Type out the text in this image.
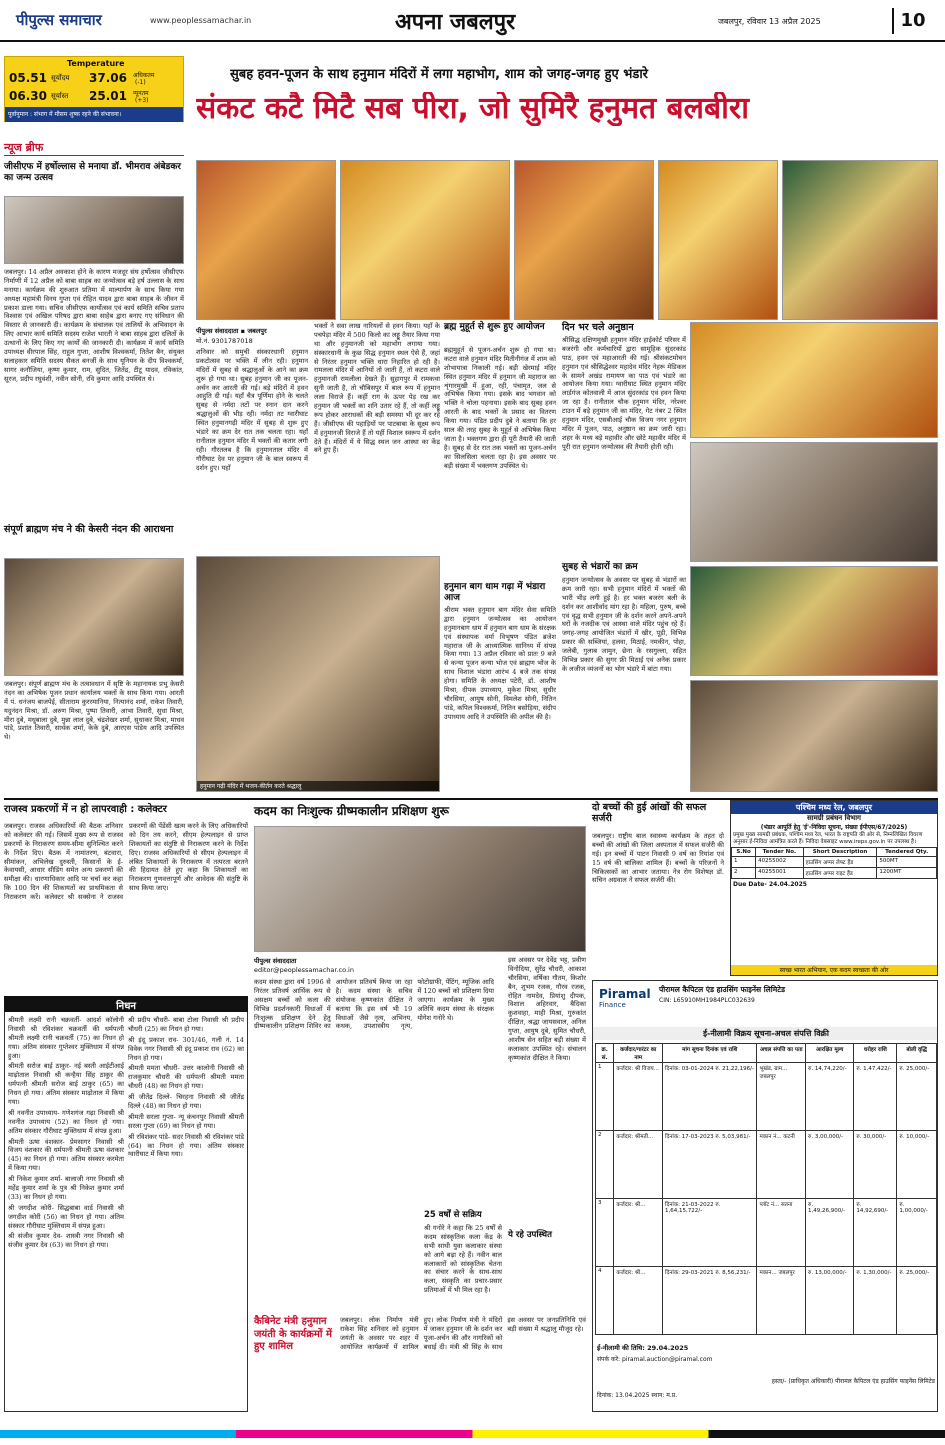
पीपुल्स समाचार	www.peoplessamachar.in	अपना जबलपुर	जबलपुर, रविवार 13 अप्रैल 2025	10
Temperature
05.51 सूर्योदय 37.06 अधिकतम
(-1)
06.30 सूर्यास्त 25.01 न्यूनतम
(+3)
पूर्वानुमान : संभाग में मौसम शुष्क रहने की संभावना।
सुबह हवन-पूजन के साथ हनुमान मंदिरों में लगा महाभोग, शाम को जगह-जगह हुए भंडारे
संकट कटै मिटै सब पीरा, जो सुमिरै हनुमत बलबीरा
न्यूज ब्रीफ
जीसीएफ में हर्षोल्लास से मनाया डॉ. भीमराव अंबेडकर का जन्म उत्सव
जबलपुर। 14 अप्रैल अवकाश होने के कारण मजदूर संघ हर्षोत्सव जीसीएफ निर्माणी में 12 अप्रैल को बाबा साहब का जन्मोत्सव बड़े हर्ष उल्लास के साथ मनाया। कार्यक्रम की शुरुआत प्रतिमा में माल्यार्पण के साथ किया गया अध्यक्ष महामंत्री विनय गुप्ता एवं रोहित यादव द्वारा बाबा साहब के जीवन में प्रकाश डाला गया। सचिव जीसीएफ कार्योत्सव एवं कार्य समिति सचिव प्रताप विश्वास एवं अखिल परिषद द्वारा बाबा साहेब द्वारा बनाए गए संविधान की विस्तार से जानकारी दी। कार्यक्रम के संचालक एवं तालियों के अभिवादन के लिए आभार कार्य समिति सदस्य राजेश भारती ने बाबा साहब द्वारा दलितों के उत्थानों के लिए किए गए कार्यों की जानकारी दी। कार्यक्रम में कार्य समिति उपाध्यक्ष वीरपाल सिंह, राहुल गुप्ता, आशीष विश्वकर्मा, तितेश बैन, संयुक्त सलाहकार समिति सदस्य सैकत बनर्जी के साथ यूनियन के दीप विश्वकर्मा, सागर कनौजिया, कृष्ण कुमार, राम, सुदित, जितेंद्र, टीटू यादव, रविकांत, सूरज, प्रदीप रघुवंशी, नवीन सोनी, रवि कुमार आदि उपस्थित थे।
संपूर्ण ब्राह्मण मंच ने की केसरी नंदन की आराधना
जबलपुर। संपूर्ण ब्राह्मण मंच के तत्वावधान में सृष्टि के महानायक प्रभु केसरी नंदन का अभिषेक पूजन प्रधान कार्यालय भक्तों के साथ किया गया। आरती में पं. धनंजय बाजपेई, सीताराम कुररमानिया, नित्यानंद शर्मा, राकेश तिवारी, यदुनंदन मिश्रा, डॉ. अरुण मिश्रा, पुष्पा तिवारी, आभा तिवारी, सुधा मिश्रा, मीरा दुबे, मधुबाला दुबे, मुन्ना लाल दुबे, चंद्रशेखर शर्मा, सुधाकर मिश्रा, माधव पांडे, प्रशांत तिवारी, सार्थक शर्मा, केके दुबे, आरएस पांडेय आदि उपस्थित थे।
पीपुल्स संवाददाता ▪ जबलपुर
मो.नं. 9301787018
शनिवार को समुची संस्कारधानी हनुमान प्रकटोत्सव पर भक्ति में लीन रही। हनुमान मंदिरों में सुबह से श्रद्धालुओं के आने का क्रम शुरू हो गया था। सुबह हनुमान जी का पूजन-अर्चन कर आरती की गई। बड़े मंदिरों में हवन आहुति दी गई। यहाँ चैत्र पूर्णिमा होने के चलते सुबह से नर्मदा तटों पर स्नान दान करने श्रद्धालुओं की भीड़ रही। नर्मदा तट ग्वारीघाट स्थित हनुमानगढ़ी मंदिर में सुबह से शुरू हुए भंडारे का क्रम देर रात तक चलता रहा। यहाँ रानीताल हनुमान मंदिर में भक्तों की कतार लगी रही। गौरतलब है कि हनुमानताल मंदिर में गौरीघाट देव पर हनुमान जी के बाल स्वरूप में दर्शन हुए। यहाँ
भक्तों ने सवा लाख नारियलों से हवन किया। यहाँ के पचपेड़ा मंदिर में 500 किलो का लड्डू तैयार किया गया था और हनुमानजी को महाभोग लगाया गया। संस्कारधानी के कुछ सिद्ध हनुमान स्थल ऐसे हैं, जहां से निरंतर हनुमान भक्ति धारा निहारित हो रही है। रामलला मंदिर में आनियों तो जाती हैं, तो कटरा वाले हनुमानजी रामलीला देखते हैं। सुहागपुर में रामकथा सुनी जाती है, तो चौबिसपुर में बाल रूप में हनुमान लला विराजे हैं। कहीं राग के ऊपर पेड़ रख कर हनुमान जी भक्तों का शनि उतार रहे हैं, तो कहीं लड्डू रूप होकर आराधकों की बड़ी समस्या भी दूर कर रहे हैं। जीसीएफ की पहाड़ियों पर पाटबाबा के सूक्ष्म रूप में हनुमानजी विराजे हैं तो यहीं विशाल स्वरूप में दर्शन देते हैं। मंदिरों में ये सिद्ध स्थल जन आस्था का केंद्र बने हुए हैं।
हनुमान गढ़ी मंदिर में भजन-कीर्तन करते श्रद्धालु
ब्रह्म मुहूर्त से शुरू हुए आयोजन
ब्रह्ममुहूर्त से पूजन-अर्चन शुरू हो गया था। कटरा वाले हनुमान मंदिर मितीनीगंज में शाम को शोभायात्रा निकाली गई। बड़ी खेरमाई मंदिर स्थित हनुमान मंदिर में हनुमान जी महाराज का शृंगारमुखी में हुआ, रही, पंचामृत, जल से अभिषेक किया गया। इसके बाद भगवान को भक्ति ने चोला पहनाया। इसके बाद सुबह हवन आरती के बाद भक्तों के प्रसाद का वितरण किया गया। पंडित प्रदीप दुबे ने बताया कि हर साल की तरह सुबह के मुहूर्त से अभिषेक किया जाता है। भक्तगण द्वारा ही पूरी तैयारी की जाती है। सुबह से देर रात तक भक्तों का पूजन-अर्चन का सिलसिला चलता रहा है। इस अवसर पर बड़ी संख्या में भक्तगण उपस्थित थे।
हनुमान बाग धाम गढ़ा में भंडारा आज
श्रीराम भक्त हनुमान बाग मंदिर सेवा समिति द्वारा हनुमान जन्मोत्सव का आयोजन हनुमानबाग धाम में हनुमान बाग धाम के संरक्षक एवं संस्थापक वर्मा विभूषण पंडित ब्रजेश महाराज जी के आध्यात्मिक सानिध्य में संपन्न किया गया। 13 अप्रैल रविवार को प्रातः 9 बजे से कन्या पूजन कन्या भोज एवं ब्राह्मण भोज के साथ विशाल भंडारा आरंभ 4 बजे तक संपन्न होगा। समिति के अध्यक्ष पटेरी, डॉ. आशीष मिश्रा, दीपक उपाध्याय, मुकेश मिश्रा, सुधीर चौरसिया, आयुष सोनी, विमलेश सोनी, नितिन पांडे, कपिल विश्वकर्मा, नितिन बसोड़िया, संदीप उपाध्याय आदि ने उपस्थिति की अपील की है।
दिन भर चले अनुष्ठान
श्रीसिद्ध दक्षिणमुखी हनुमान मंदिर हाईकोर्ट परिसर में बजरंगी और कर्मचारियों द्वारा सामूहिक सुंदरकांड पाठ, हवन एवं महाआरती की गई। श्रीसंकटमोचन हनुमान एवं श्रीसिद्धेश्वर महादेव मंदिर नेहरू मेडिकल के सामने अखंड रामायण का पाठ एवं भंडारे का आयोजन किया गया। ग्वारीघाट स्थित हनुमान मंदिर लार्डगंज कोतवाली में आज सुंदरकांड एवं हवन किया जा रहा है। रानीताल चौक हनुमान मंदिर, नरेश्वर टाउन में बड़े हनुमान जी का मंदिर, गेट नंबर 2 स्थित हनुमान मंदिर, एसबीआई चौक विजय नगर हनुमान मंदिर में पूजन, पाठ, अनुष्ठान का क्रम जारी रहा। शहर के मध्य बड़े महावीर और छोटे महावीर मंदिर में पूरी रात हनुमान जन्मोत्सव की तैयारी होती रही।
सुबह से भंडारों का क्रम
हनुमान जन्मोत्सव के अवसर पर सुबह से भंडारों का क्रम जारी रहा। सभी हनुमान मंदिरों में भक्तों की भारी भीड़ लगी हुई है। हर भक्त बजरंग बली के दर्शन कर आशीर्वाद मांग रहा है। महिला, पुरुष, बच्चे एवं वृद्ध सभी हनुमान जी के दर्शन करने अपने-अपने घरों के नजदीक एवं आस्था वाले मंदिर पहुंच रहे हैं। जगह-जगह आयोजित भंडारों में खीर, पूड़ी, विभिन्न प्रकार की सब्जियां, हलवा, मिठाई, नमकीन, पोहा, जलेबी, गुलाब जामुन, छेना के रसगुल्ला, सहित विभिन्न प्रकार की सुगर फ्री मिठाई एवं अनेक प्रकार के लजीज व्यंजनों का भोग भंडारे में बांटा गया।
राजस्व प्रकरणों में न हो लापरवाही : कलेक्टर
जबलपुर। राजस्व अधिकारियों की बैठक शनिवार को कलेक्टर की गई। जिसमें मुख्य रूप से राजस्व प्रकरणों के निराकरण समय-सीमा सुनिश्चित करने के निर्देश दिए। बैठक में नामांतरण, बंटवारा, सीमांकन, अभिलेख दुरुस्ती, किसानों के ई-केवायसी, आधार सीडिंग समेत अन्य प्रकरणों की समीक्षा की। धारणाधिकार आदि पर चर्चा कर कहा कि 100 दिन की शिकायतों का प्राथमिकता से निराकरण करें। कलेक्टर श्री सक्सेना ने राजस्व प्रकरणों की पेंडेंसी खत्म करने के लिए अधिकारियों को दिन तय करने, सीएम हेल्पलाइन से प्राप्त शिकायतों का संतुष्टि से निराकरण करने के निर्देश दिए। राजस्व अधिकारियों से सीएम हेल्पलाइन में लंबित शिकायतों के निराकरण में तत्परता बरतने की हिदायत देते हुए कहा कि शिकायतों का निराकरण गुणवत्तापूर्ण और आवेदक की संतुष्टि के साथ किया जाए।
निधन

श्रीमती लक्ष्मी रानी चक्रवर्ती- आदर्श कॉलोनी निवासी श्री रविशंकर चक्रवर्ती की धर्मपत्नी श्रीमती लक्ष्मी रानी चक्रवर्ती (75) का निधन हो गया। अंतिम संस्कार गुप्तेश्वर मुक्तिधाम में संपन्न हुआ।

श्रीमती सरोज बाई ठाकुर- नई बस्ती आईटीआई माढ़ोताल निवासी श्री कन्हैया सिंह ठाकुर की धर्मपत्नी श्रीमती सरोज बाई ठाकुर (65) का निधन हो गया। अंतिम संस्कार माढ़ोताल में किया गया।

श्री नवनीत उपाध्याय- गणेशगंज गढ़ा निवासी श्री नवनीत उपाध्याय (52) का निधन हो गया। अंतिम संस्कार गौरीघाट मुक्तिधाम में संपन्न हुआ।

श्रीमती ऊषा वंशकार- प्रेमसागर निवासी श्री विजय वंशकार की धर्मपत्नी श्रीमती ऊषा वंशकार (45) का निधन हो गया। अंतिम संस्कार करमेता में किया गया।

श्री निकेश कुमार शर्मा- बालाजी नगर निवासी श्री महेंद्र कुमार शर्मा के पुत्र श्री निकेश कुमार शर्मा (33) का निधन हो गया।

श्री जगदीश कोरी- सिद्धबाबा वार्ड निवासी श्री जगदीश कोरी (56) का निधन हो गया। अंतिम संस्कार गौरीघाट मुक्तिधाम में संपन्न हुआ।

श्री संजीव कुमार देव- शास्त्री नगर निवासी श्री संजीव कुमार देव (63) का निधन हो गया।

श्री प्रदीप चौधरी- बाबा टोला निवासी श्री प्रदीप चौधरी (25) का निधन हो गया।

श्री इंदू प्रकाश राव- 301/46, गली नं. 14 विवेक नगर निवासी श्री इंदू प्रकाश राव (62) का निधन हो गया।

श्रीमती ममता चौधरी- उत्तर कालोनी निवासी श्री राजकुमार चौधरी की धर्मपत्नी श्रीमती ममता चौधरी (48) का निधन हो गया।

श्री जीतेंद्र दिल्ले- चिरहना निवासी श्री जीतेंद्र दिल्ले (48) का निधन हो गया।

श्रीमती सरला गुप्ता- न्यू कंचनपुर निवासी श्रीमती सरला गुप्ता (69) का निधन हो गया।

श्री रविशंकर पांडे- सदर निवासी श्री रविशंकर पांडे (64) का निधन हो गया। अंतिम संस्कार ग्वारीघाट में किया गया।

कदम का निःशुल्क ग्रीष्मकालीन प्रशिक्षण शुरू
पीपुल्स संवाददाता
editor@peoplessamachar.co.in
कदम संस्था द्वारा वर्ष 1996 से निरंतर प्रतिवर्ष आर्थिक रूप से असक्षम बच्चों को कला की विभिन्न प्रदर्शनकारी विधाओं में निःशुल्क प्रशिक्षण देने हेतु ग्रीष्मकालीन प्रशिक्षण शिविर का आयोजन प्रतिवर्ष किया जा रहा है। कदम संस्था के सचिव संयोजक कृष्णकांत दीक्षित ने बताया कि इस वर्ष भी 19 विधाओं जैसे नृत्य, अभिनय, कथक, उपशास्त्रीय नृत्य, फोटोग्राफी, पेंटिंग, म्यूजिक आदि में 120 बच्चों को प्रशिक्षण दिया जाएगा। कार्यक्रम के मुख्य अतिथि कदम संस्था के संरक्षक योगेश गनोरे थे।
25 वर्षों से सक्रिय
श्री गनोरे ने कहा कि 25 वर्षों से कदम सांस्कृतिक कला केंद्र के सभी साथी युवा कलाकार संस्था को आगे बढ़ा रहे हैं। नवीन बाल कलाकारों को सांस्कृतिक चेतना का संचार करने के साथ-साथ कला, संस्कृति का प्रचार-प्रसार प्रतिमाओं में भी मिल रहा है।
इस अवसर पर देवेंद्र भट्ट, प्रवीण विनोदिया, सुरेंद्र चौधरी, आकाश चौरसिया, वर्षिका गौतम, किशोर बैन, शुभम रजक, गौरव रजक, रोहित नामदेव, प्रियांशु दीपक, विशाल अहिरवार, बैदिका कुशवाहा, माही मिश्रा, गुरुकांत दीक्षित, श्रद्धा जायसवाल, अनिल गुप्ता, आयुष दुबे, सुमित चौधरी, आशीष सेन सहित बड़ी संख्या में कलाकार उपस्थित रहे। संचालन कृष्णकांत दीक्षित ने किया।
ये रहे उपस्थित
कैबिनेट मंत्री हनुमान जयंती के कार्यक्रमों में हुए शामिल
जबलपुर। लोक निर्माण मंत्री राकेश सिंह शनिवार को हनुमान जयंती के अवसर पर शहर में आयोजित कार्यक्रमों में शामिल हुए। लोक निर्माण मंत्री ने मंदिरों में जाकर हनुमान जी के दर्शन कर पूजा-अर्चन की और नागरिकों को बधाई दी। मंत्री श्री सिंह के साथ इस अवसर पर जनप्रतिनिधि एवं बड़ी संख्या में श्रद्धालु मौजूद रहे।
दो बच्चों की हुई आंखों की सफल सर्जरी
जबलपुर। राष्ट्रीय बाल स्वास्थ्य कार्यक्रम के तहत दो बच्चों की आंखों की जिला अस्पताल में सफल सर्जरी की गई। इन बच्चों में पाटन निवासी 9 वर्ष का रियांश एवं 15 वर्ष की बालिका शामिल हैं। बच्चों के परिजनों ने चिकित्सकों का आभार जताया। नेत्र रोग विशेषज्ञ डॉ. सचिन अग्रवाल ने सफल सर्जरी की।
पश्चिम मध्य रेल, जबलपुर
सामग्री प्रबंधन विभाग
(भंडार आपूर्ति हेतु 'ई'-निविदा सूचना, संख्या ईपीएस/67/2025)
प्रमुख मुख्य सामग्री प्रबंधक, पश्चिम मध्य रेल, भारत के राष्ट्रपति की ओर से, निम्नलिखित विवरण अनुसार ई-निविदा आमंत्रित करते हैं। निविदा वेबसाइट www.ireps.gov.in पर उपलब्ध है।
S.No	Tender No.	Short Description	Tendered Qty.
1	40255002	हाउसिंग अप्पर लेफ्ट हैंड	500MT
2	40255001	हाउसिंग अप्पर राइट हैंड	1200MT
Due Date- 24.04.2025
स्वच्छ भारत अभियान, एक कदम स्वच्छता की ओर
Piramal
Finance
पीरामल कैपिटल एंड हाउसिंग फाइनेंस लिमिटेड
CIN: L65910MH1984PLC032639
ई-नीलामी विक्रय सूचना-अचल संपत्ति विक्री
क्र. सं.	कर्जदार/गारंटर का नाम	मांग सूचना दिनांक एवं राशि	अचल संपत्ति का पता	आरक्षित मूल्य	धरोहर राशि	बोली वृद्धि
1	कर्जदार: श्री विजय...	दिनांक: 03-01-2024 रु. 21,22,196/-	भूखंड, ग्राम... जबलपुर	रु. 14,74,220/-	रु. 1,47,422/-	रु. 25,000/-
2	कर्जदार: श्रीमती...	दिनांक: 17-03-2023 रु. 5,03,981/-	मकान नं... कटनी	रु. 3,00,000/-	रु. 30,000/-	रु. 10,000/-
3	कर्जदार: श्री...	दिनांक: 21-03-2022 रु. 1,64,15,722/-	प्लॉट नं... सतना	रु. 1,49,26,900/-	रु. 14,92,690/-	रु. 1,00,000/-
4	कर्जदार: श्री...	दिनांक: 29-03-2021 रु. 8,56,231/-	मकान... जबलपुर	रु. 13,00,000/-	रु. 1,30,000/-	रु. 25,000/-
ई-नीलामी की तिथि: 29.04.2025
संपर्क करें: piramal.auction@piramal.com
हस्ता/- (प्राधिकृत अधिकारी) पीरामल कैपिटल एंड हाउसिंग फाइनेंस लिमिटेड
दिनांक: 13.04.2025 स्थान: म.प्र.
